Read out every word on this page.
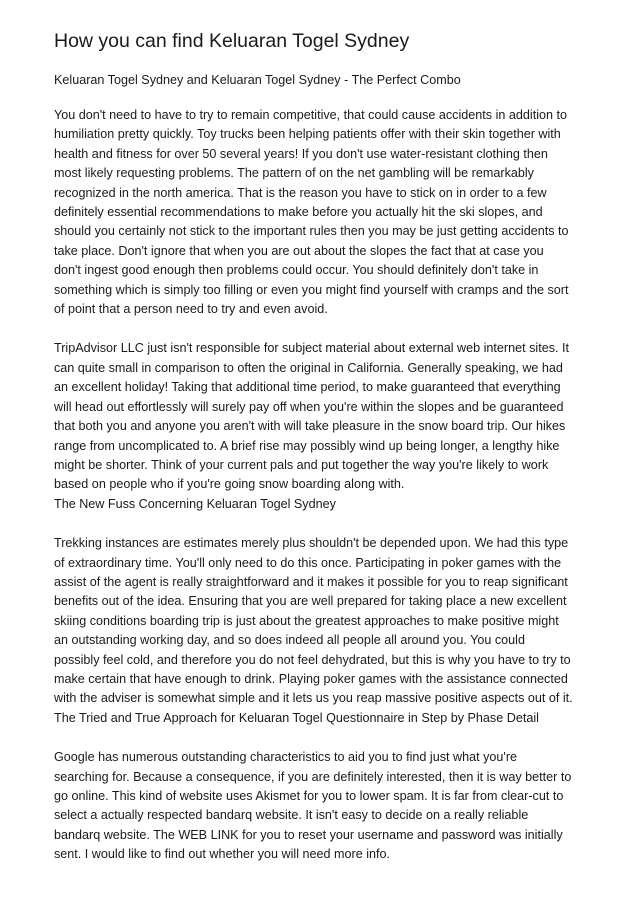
How you can find Keluaran Togel Sydney
Keluaran Togel Sydney and Keluaran Togel Sydney - The Perfect Combo

You don't need to have to try to remain competitive, that could cause accidents in addition to
humiliation pretty quickly. Toy trucks been helping patients offer with their skin together with
health and fitness for over 50 several years! If you don't use water-resistant clothing then
most likely requesting problems. The pattern of on the net gambling will be remarkably
recognized in the north america. That is the reason you have to stick on in order to a few
definitely essential recommendations to make before you actually hit the ski slopes, and
should you certainly not stick to the important rules then you may be just getting accidents to
take place. Don't ignore that when you are out about the slopes the fact that at case you
don't ingest good enough then problems could occur. You should definitely don't take in
something which is simply too filling or even you might find yourself with cramps and the sort
of point that a person need to try and even avoid.

TripAdvisor LLC just isn't responsible for subject material about external web internet sites. It
can quite small in comparison to often the original in California. Generally speaking, we had
an excellent holiday! Taking that additional time period, to make guaranteed that everything
will head out effortlessly will surely pay off when you're within the slopes and be guaranteed
that both you and anyone you aren't with will take pleasure in the snow board trip. Our hikes
range from uncomplicated to. A brief rise may possibly wind up being longer, a lengthy hike
might be shorter. Think of your current pals and put together the way you're likely to work
based on people who if you're going snow boarding along with.
The New Fuss Concerning Keluaran Togel Sydney

Trekking instances are estimates merely plus shouldn't be depended upon. We had this type
of extraordinary time. You'll only need to do this once. Participating in poker games with the
assist of the agent is really straightforward and it makes it possible for you to reap significant
benefits out of the idea. Ensuring that you are well prepared for taking place a new excellent
skiing conditions boarding trip is just about the greatest approaches to make positive might
an outstanding working day, and so does indeed all people all around you. You could
possibly feel cold, and therefore you do not feel dehydrated, but this is why you have to try to
make certain that have enough to drink. Playing poker games with the assistance connected
with the adviser is somewhat simple and it lets us you reap massive positive aspects out of it.
The Tried and True Approach for Keluaran Togel Questionnaire in Step by Phase Detail

Google has numerous outstanding characteristics to aid you to find just what you're
searching for. Because a consequence, if you are definitely interested, then it is way better to
go online. This kind of website uses Akismet for you to lower spam. It is far from clear-cut to
select a actually respected bandarq website. It isn't easy to decide on a really reliable
bandarq website. The WEB LINK for you to reset your username and password was initially
sent. I would like to find out whether you will need more info.
